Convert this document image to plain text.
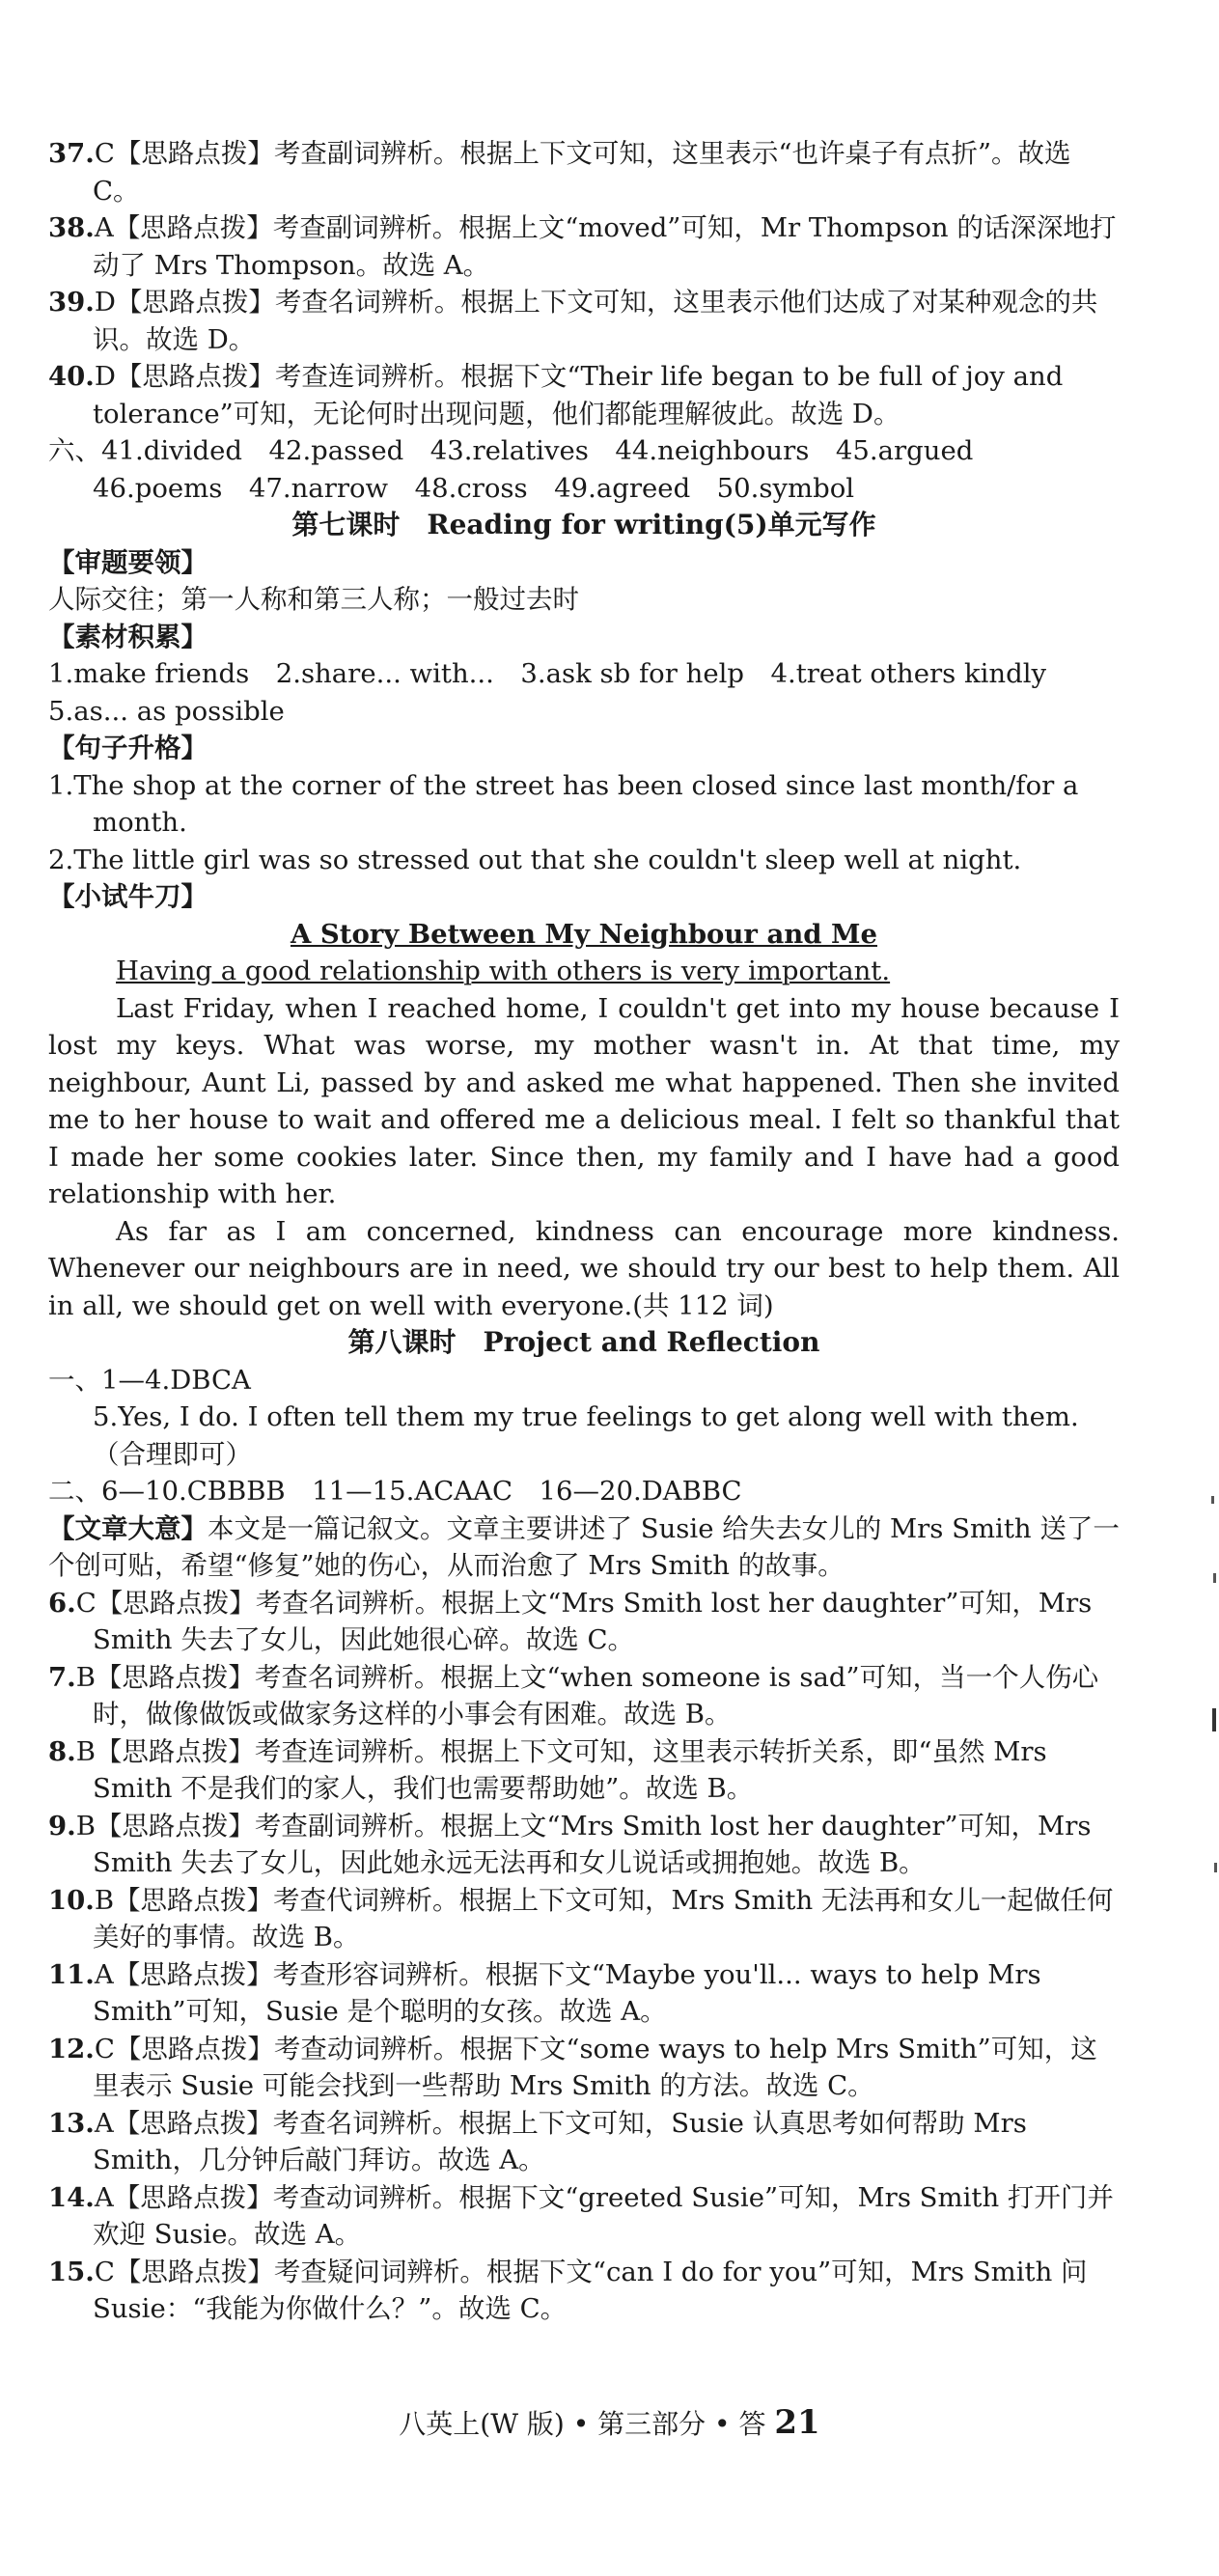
37.C【思路点拨】考查副词辨析。根据上下文可知，这里表示“也许桌子有点折”。故选 C。

38.A【思路点拨】考查副词辨析。根据上文“moved”可知，Mr Thompson 的话深深地打动了 Mrs Thompson。故选 A。

39.D【思路点拨】考查名词辨析。根据上下文可知，这里表示他们达成了对某种观念的共识。故选 D。

40.D【思路点拨】考查连词辨析。根据下文“Their life began to be full of joy and tolerance”可知，无论何时出现问题，他们都能理解彼此。故选 D。

六、41.divided　42.passed　43.relatives　44.neighbours　45.argued

46.poems　47.narrow　48.cross　49.agreed　50.symbol

第七课时　Reading for writing(5)单元写作

【审题要领】

人际交往；第一人称和第三人称；一般过去时

【素材积累】

1.make friends　2.share... with...　3.ask sb for help　4.treat others kindly

5.as... as possible

【句子升格】

1.The shop at the corner of the street has been closed since last month/for a month.

2.The little girl was so stressed out that she couldn't sleep well at night.

【小试牛刀】

A Story Between My Neighbour and Me

Having a good relationship with others is very important.

Last Friday, when I reached home, I couldn't get into my house because I lost my keys. What was worse, my mother wasn't in. At that time, my neighbour, Aunt Li, passed by and asked me what happened. Then she invited me to her house to wait and offered me a delicious meal. I felt so thankful that I made her some cookies later. Since then, my family and I have had a good relationship with her.

As far as I am concerned, kindness can encourage more kindness. Whenever our neighbours are in need, we should try our best to help them. All in all, we should get on well with everyone.(共 112 词)

第八课时　Project and Reflection

一、1—4.DBCA

5.Yes, I do. I often tell them my true feelings to get along well with them.（合理即可）

二、6—10.CBBBB　11—15.ACAAC　16—20.DABBC

【文章大意】本文是一篇记叙文。文章主要讲述了 Susie 给失去女儿的 Mrs Smith 送了一个创可贴，希望“修复”她的伤心，从而治愈了 Mrs Smith 的故事。

6.C【思路点拨】考查名词辨析。根据上文“Mrs Smith lost her daughter”可知，Mrs Smith 失去了女儿，因此她很心碎。故选 C。

7.B【思路点拨】考查名词辨析。根据上文“when someone is sad”可知，当一个人伤心时，做像做饭或做家务这样的小事会有困难。故选 B。

8.B【思路点拨】考查连词辨析。根据上下文可知，这里表示转折关系，即“虽然 Mrs Smith 不是我们的家人，我们也需要帮助她”。故选 B。

9.B【思路点拨】考查副词辨析。根据上文“Mrs Smith lost her daughter”可知，Mrs Smith 失去了女儿，因此她永远无法再和女儿说话或拥抱她。故选 B。

10.B【思路点拨】考查代词辨析。根据上下文可知，Mrs Smith 无法再和女儿一起做任何美好的事情。故选 B。

11.A【思路点拨】考查形容词辨析。根据下文“Maybe you'll... ways to help Mrs Smith”可知，Susie 是个聪明的女孩。故选 A。

12.C【思路点拨】考查动词辨析。根据下文“some ways to help Mrs Smith”可知，这里表示 Susie 可能会找到一些帮助 Mrs Smith 的方法。故选 C。

13.A【思路点拨】考查名词辨析。根据上下文可知，Susie 认真思考如何帮助 Mrs Smith，几分钟后敲门拜访。故选 A。

14.A【思路点拨】考查动词辨析。根据下文“greeted Susie”可知，Mrs Smith 打开门并欢迎 Susie。故选 A。

15.C【思路点拨】考查疑问词辨析。根据下文“can I do for you”可知，Mrs Smith 问 Susie：“我能为你做什么？”。故选 C。

八英上(W 版) • 第三部分 • 答 21
